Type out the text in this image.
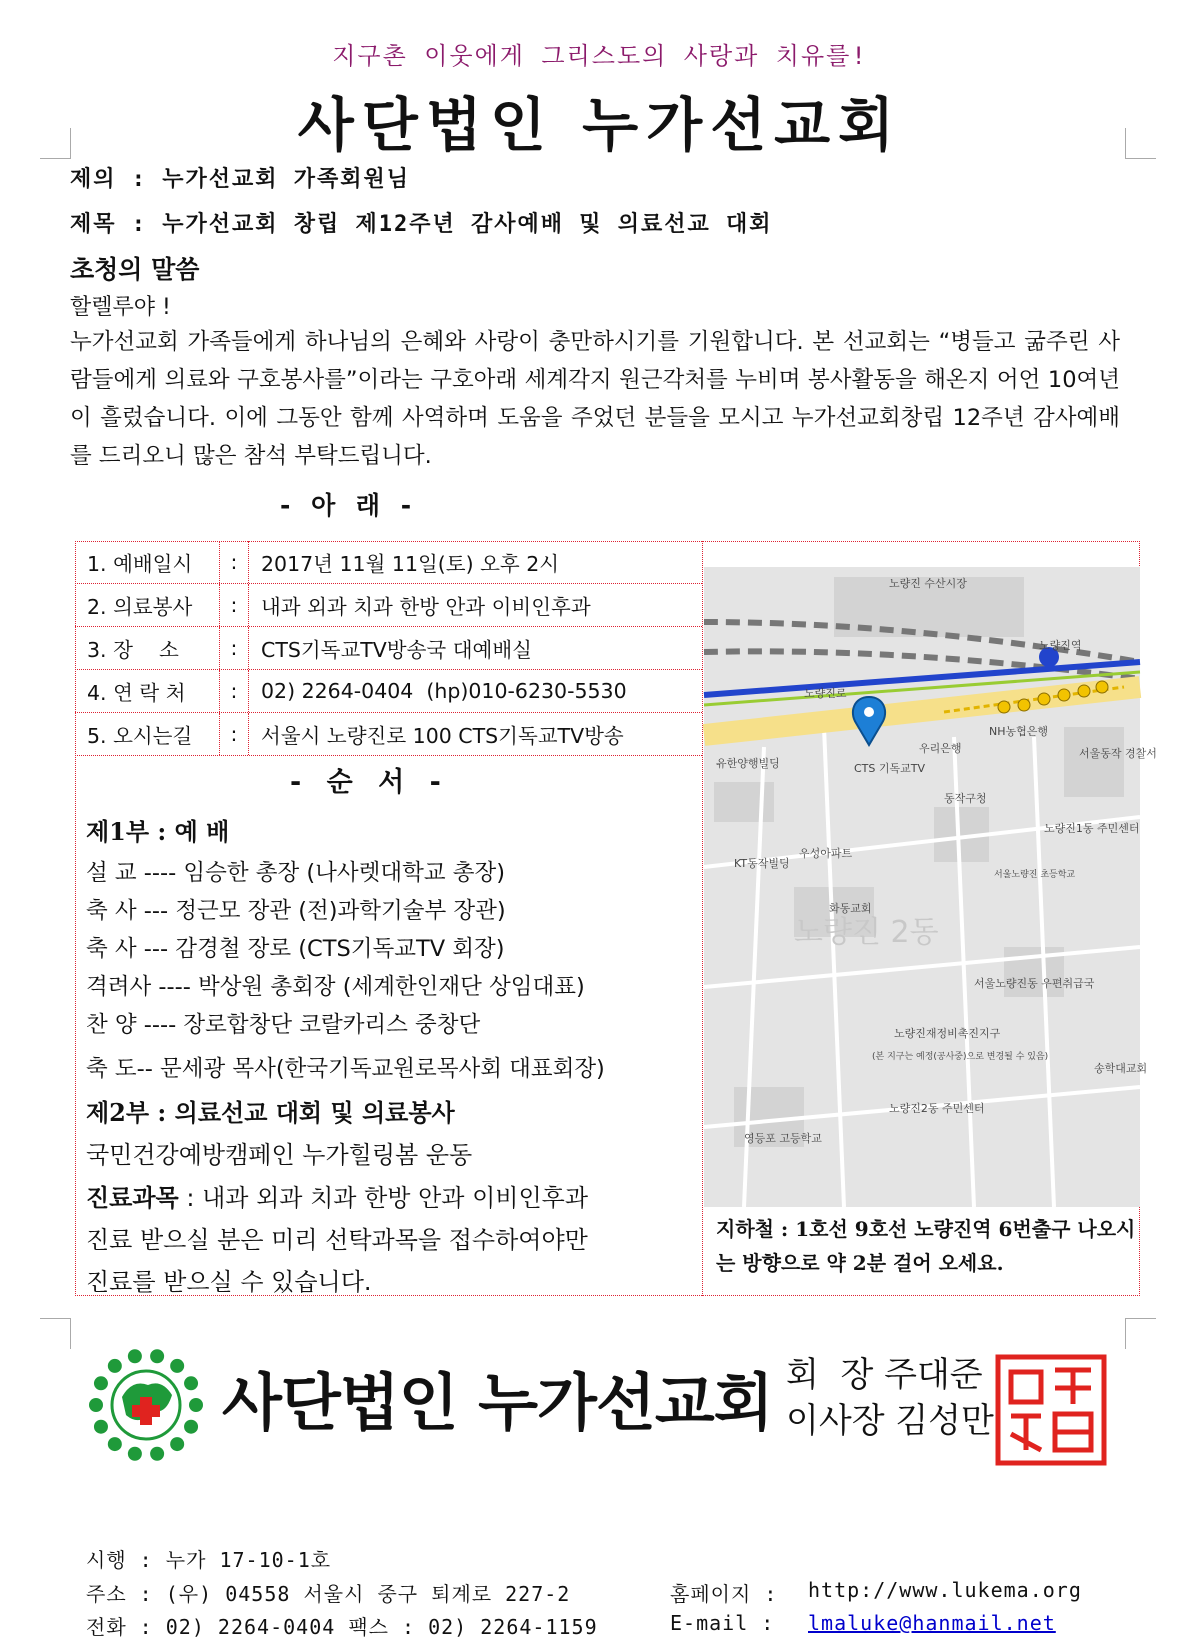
지구촌 이웃에게 그리스도의 사랑과 치유를!
사단법인 누가선교회
제의 : 누가선교회 가족회원님
제목 : 누가선교회 창립 제12주년 감사예배 및 의료선교 대회
초청의 말씀
할렐루야 !
누가선교회 가족들에게 하나님의 은혜와 사랑이 충만하시기를 기원합니다. 본 선교회는 “병들고 굶주린 사람들에게 의료와 구호봉사를”이라는 구호아래 세계각지 원근각처를 누비며 봉사활동을 해온지 어언 10여년이 흘렀습니다. 이에 그동안 함께 사역하며 도움을 주었던 분들을 모시고 누가선교회창립 12주년 감사예배를 드리오니 많은 참석 부탁드립니다.
- 아 래 -
1. 예배일시	:	2017년 11월 11일(토) 오후 2시
2. 의료봉사	:	내과 외과 치과 한방 안과 이비인후과
3. 장    소	:	CTS기독교TV방송국 대예배실
4. 연 락 처	:	02) 2264-0404  (hp)010-6230-5530
5. 오시는길	:	서울시 노량진로 100 CTS기독교TV방송
- 순 서 -
제1부 : 예 배
설 교 ---- 임승한 총장 (나사렛대학교 총장)
축 사 --- 정근모 장관 (전)과학기술부 장관)
축 사 --- 감경철 장로 (CTS기독교TV 회장)
격려사 ---- 박상원 총회장 (세계한인재단 상임대표)
찬 양 ---- 장로합창단 코랄카리스 중창단
축 도-- 문세광 목사(한국기독교원로목사회 대표회장)
제2부 : 의료선교 대회 및 의료봉사
국민건강예방캠페인 누가힐링봄 운동
진료과목 : 내과 외과 치과 한방 안과 이비인후과
진료 받으실 분은 미리 선탁과목을 접수하여야만
진료를 받으실 수 있습니다.
노량진 수산시장
노량진역
노량진로
CTS 기독교TV
우리은행
NH농협은행
서울동작 경찰서
유한양행빌딩
동작구청
노량진1동 주민센터
우성아파트
KT동작빌딩
화동교회
서울노량진 초등학교
노량진 2동
서울노량진동 우편취급국
노량진재정비촉진지구
(본 지구는 예정(공사중)으로 변경될 수 있음)
영등포 고등학교
노량진2동 주민센터
송학대교회
지하철 : 1호선 9호선 노량진역 6번출구 나오시는 방향으로 약 2분 걸어 오세요.
사단법인 누가선교회 회  장 주대준
이사장 김성만
시행 : 누가 17-10-1호
주소 : (우) 04558 서울시 중구 퇴계로 227-2
전화 : 02) 2264-0404 팩스 : 02) 2264-1159
홈페이지 : http://www.lukema.org
E-mail : lmaluke@hanmail.net
